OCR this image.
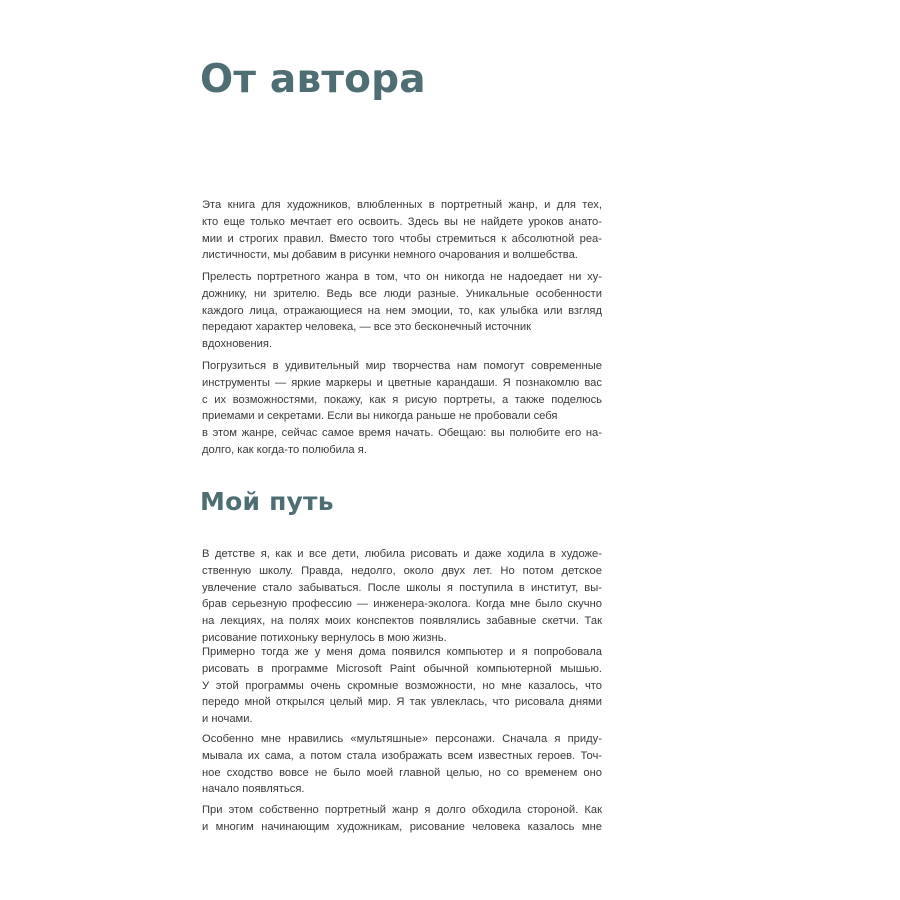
От автора

Эта книга для художников, влюбленных в портретный жанр, и для тех,
кто еще только мечтает его освоить. Здесь вы не найдете уроков анато-
мии и строгих правил. Вместо того чтобы стремиться к абсолютной реа-
листичности, мы добавим в рисунки немного очарования и волшебства.

Прелесть портретного жанра в том, что он никогда не надоедает ни ху-
дожнику, ни зрителю. Ведь все люди разные. Уникальные особенности
каждого лица, отражающиеся на нем эмоции, то, как улыбка или взгляд
передают характер человека, — все это бесконечный источник
вдохновения.

Погрузиться в удивительный мир творчества нам помогут современные
инструменты — яркие маркеры и цветные карандаши. Я познакомлю вас
с их возможностями, покажу, как я рисую портреты, а также поделюсь
приемами и секретами. Если вы никогда раньше не пробовали себя
в этом жанре, сейчас самое время начать. Обещаю: вы полюбите его на-
долго, как когда-то полюбила я.

Мой путь

В детстве я, как и все дети, любила рисовать и даже ходила в художе-
ственную школу. Правда, недолго, около двух лет. Но потом детское
увлечение стало забываться. После школы я поступила в институт, вы-
брав серьезную профессию — инженера-эколога. Когда мне было скучно
на лекциях, на полях моих конспектов появлялись забавные скетчи. Так
рисование потихоньку вернулось в мою жизнь.

Примерно тогда же у меня дома появился компьютер и я попробовала
рисовать в программе Microsoft Paint обычной компьютерной мышью.
У этой программы очень скромные возможности, но мне казалось, что
передо мной открылся целый мир. Я так увлеклась, что рисовала днями
и ночами.

Особенно мне нравились «мультяшные» персонажи. Сначала я приду-
мывала их сама, а потом стала изображать всем известных героев. Точ-
ное сходство вовсе не было моей главной целью, но со временем оно
начало появляться.

При этом собственно портретный жанр я долго обходила стороной. Как
и многим начинающим художникам, рисование человека казалось мне
